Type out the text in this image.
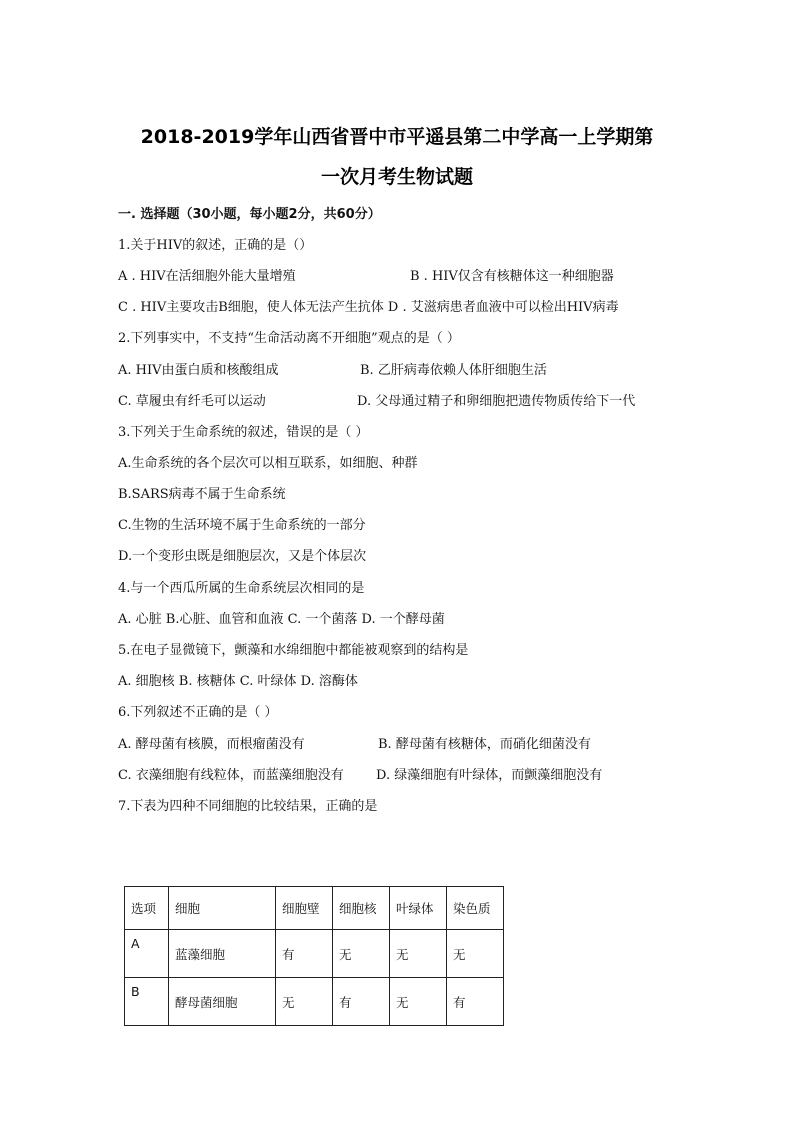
2018-2019学年山西省晋中市平遥县第二中学高一上学期第
一次月考生物试题
一. 选择题（30小题，每小题2分，共60分）
1.关于HIV的叙述，正确的是（）
A . HIV在活细胞外能大量增殖	B . HIV仅含有核糖体这一种细胞器
C . HIV主要攻击B细胞，使人体无法产生抗体 D . 艾滋病患者血液中可以检出HIV病毒
2.下列事实中，不支持“生命活动离不开细胞”观点的是（ ）
A. HIV由蛋白质和核酸组成	B. 乙肝病毒依赖人体肝细胞生活
C. 草履虫有纤毛可以运动	D. 父母通过精子和卵细胞把遗传物质传给下一代
3.下列关于生命系统的叙述，错误的是（ ）
A.生命系统的各个层次可以相互联系，如细胞、种群
B.SARS病毒不属于生命系统
C.生物的生活环境不属于生命系统的一部分
D.一个变形虫既是细胞层次，又是个体层次
4.与一个西瓜所属的生命系统层次相同的是
A. 心脏 B.心脏、血管和血液 C. 一个菌落 D. 一个酵母菌
5.在电子显微镜下，颤藻和水绵细胞中都能被观察到的结构是
A. 细胞核 B. 核糖体 C. 叶绿体 D. 溶酶体
6.下列叙述不正确的是（ ）
A. 酵母菌有核膜，而根瘤菌没有	B. 酵母菌有核糖体，而硝化细菌没有
C. 衣藻细胞有线粒体，而蓝藻细胞没有 D. 绿藻细胞有叶绿体，而颤藻细胞没有
7.下表为四种不同细胞的比较结果，正确的是
选项	细胞	细胞壁	细胞核	叶绿体	染色质
A	蓝藻细胞	有	无	无	无
B	酵母菌细胞	无	有	无	有
